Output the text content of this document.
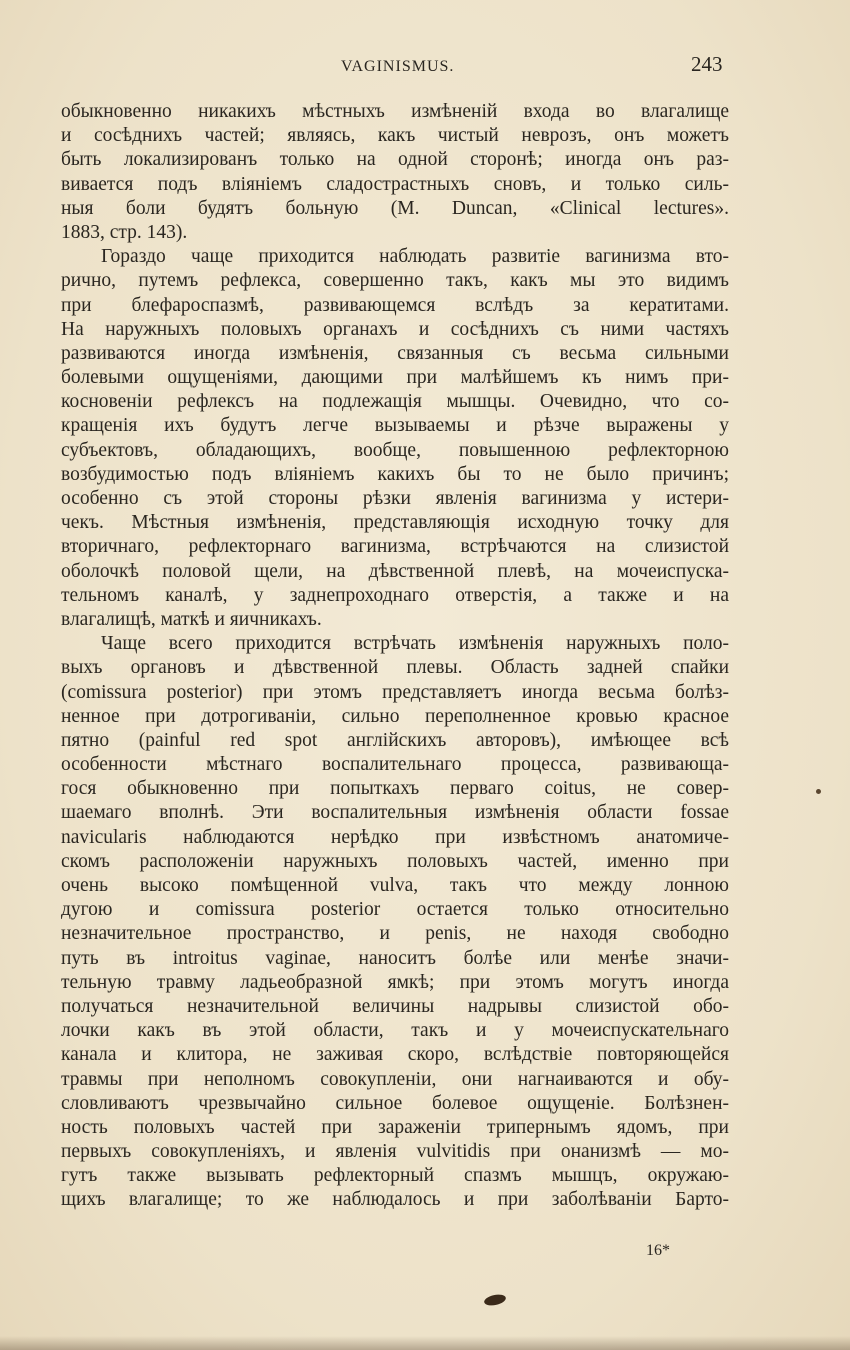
VAGINISMUS.	243
обыкновенно никакихъ мѣстныхъ измѣненій входа во влагалище
и сосѣднихъ частей; являясь, какъ чистый неврозъ, онъ можетъ
быть локализированъ только на одной сторонѣ; иногда онъ раз-
вивается подъ вліяніемъ сладострастныхъ сновъ, и только силь-
ныя боли будятъ больную (M. Duncan, «Clinical lectures».
1883, стр. 143).
Гораздо чаще приходится наблюдать развитіе вагинизма вто-
рично, путемъ рефлекса, совершенно такъ, какъ мы это видимъ
при блефароспазмѣ, развивающемся вслѣдъ за кератитами.
На наружныхъ половыхъ органахъ и сосѣднихъ съ ними частяхъ
развиваются иногда измѣненія, связанныя съ весьма сильными
болевыми ощущеніями, дающими при малѣйшемъ къ нимъ при-
косновеніи рефлексъ на подлежащія мышцы. Очевидно, что со-
кращенія ихъ будутъ легче вызываемы и рѣзче выражены у
субъектовъ, обладающихъ, вообще, повышенною рефлекторною
возбудимостью подъ вліяніемъ какихъ бы то не было причинъ;
особенно съ этой стороны рѣзки явленія вагинизма у истери-
чекъ. Мѣстныя измѣненія, представляющія исходную точку для
вторичнаго, рефлекторнаго вагинизма, встрѣчаются на слизистой
оболочкѣ половой щели, на дѣвственной плевѣ, на мочеиспуска-
тельномъ каналѣ, у заднепроходнаго отверстія, а также и на
влагалищѣ, маткѣ и яичникахъ.
Чаще всего приходится встрѣчать измѣненія наружныхъ поло-
выхъ органовъ и дѣвственной плевы. Область задней спайки
(comissura posterior) при этомъ представляетъ иногда весьма болѣз-
ненное при дотрогиваніи, сильно переполненное кровью красное
пятно (painful red spot англійскихъ авторовъ), имѣющее всѣ
особенности мѣстнаго воспалительнаго процесса, развивающа-
гося обыкновенно при попыткахъ перваго coitus, не совер-
шаемаго вполнѣ. Эти воспалительныя измѣненія области fossae
navicularis наблюдаются нерѣдко при извѣстномъ анатомиче-
скомъ расположеніи наружныхъ половыхъ частей, именно при
очень высоко помѣщенной vulva, такъ что между лонною
дугою и comissura posterior остается только относительно
незначительное пространство, и penis, не находя свободно
путь въ introitus vaginae, наноситъ болѣе или менѣе значи-
тельную травму ладьеобразной ямкѣ; при этомъ могутъ иногда
получаться незначительной величины надрывы слизистой обо-
лочки какъ въ этой области, такъ и у мочеиспускательнаго
канала и клитора, не заживая скоро, вслѣдствіе повторяющейся
травмы при неполномъ совокупленіи, они нагнаиваются и обу-
словливаютъ чрезвычайно сильное болевое ощущеніе. Болѣзнен-
ность половыхъ частей при зараженіи трипернымъ ядомъ, при
первыхъ совокупленіяхъ, и явленія vulvitidis при онанизмѣ — мо-
гутъ также вызывать рефлекторный спазмъ мышцъ, окружаю-
щихъ влагалище; то же наблюдалось и при заболѣваніи Барто-
16*
